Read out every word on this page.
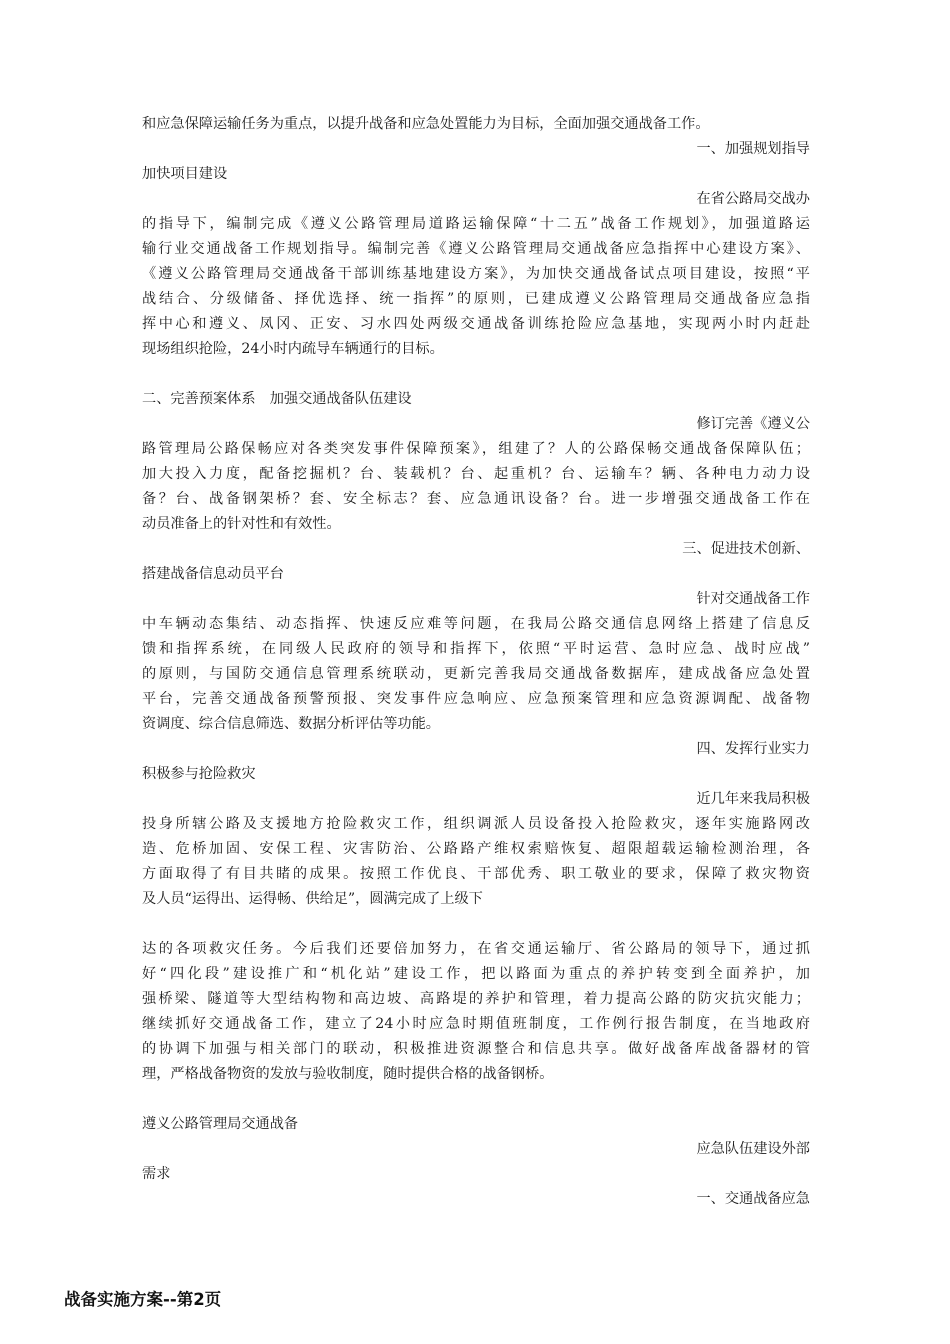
和应急保障运输任务为重点，以提升战备和应急处置能力为目标，全面加强交通战备工作。
一、加强规划指导
加快项目建设
在省公路局交战办
的指导下，编制完成《遵义公路管理局道路运输保障“十二五”战备工作规划》，加强道路运
输行业交通战备工作规划指导。编制完善《遵义公路管理局交通战备应急指挥中心建设方案》、
《遵义公路管理局交通战备干部训练基地建设方案》，为加快交通战备试点项目建设，按照“平
战结合、分级储备、择优选择、统一指挥”的原则，已建成遵义公路管理局交通战备应急指
挥中心和遵义、凤冈、正安、习水四处两级交通战备训练抢险应急基地，实现两小时内赶赴
现场组织抢险，24小时内疏导车辆通行的目标。
二、完善预案体系　加强交通战备队伍建设
修订完善《遵义公
路管理局公路保畅应对各类突发事件保障预案》，组建了？人的公路保畅交通战备保障队伍；
加大投入力度，配备挖掘机？台、装载机？台、起重机？台、运输车？辆、各种电力动力设
备？台、战备钢架桥？套、安全标志？套、应急通讯设备？台。进一步增强交通战备工作在
动员准备上的针对性和有效性。
三、促进技术创新、
搭建战备信息动员平台
针对交通战备工作
中车辆动态集结、动态指挥、快速反应难等问题，在我局公路交通信息网络上搭建了信息反
馈和指挥系统，在同级人民政府的领导和指挥下，依照“平时运营、急时应急、战时应战”
的原则，与国防交通信息管理系统联动，更新完善我局交通战备数据库，建成战备应急处置
平台，完善交通战备预警预报、突发事件应急响应、应急预案管理和应急资源调配、战备物
资调度、综合信息筛选、数据分析评估等功能。
四、发挥行业实力
积极参与抢险救灾
近几年来我局积极
投身所辖公路及支援地方抢险救灾工作，组织调派人员设备投入抢险救灾，逐年实施路网改
造、危桥加固、安保工程、灾害防治、公路路产维权索赔恢复、超限超载运输检测治理，各
方面取得了有目共睹的成果。按照工作优良、干部优秀、职工敬业的要求，保障了救灾物资
及人员“运得出、运得畅、供给足”，圆满完成了上级下
达的各项救灾任务。今后我们还要倍加努力，在省交通运输厅、省公路局的领导下，通过抓
好“四化段”建设推广和“机化站”建设工作，把以路面为重点的养护转变到全面养护，加
强桥梁、隧道等大型结构物和高边坡、高路堤的养护和管理，着力提高公路的防灾抗灾能力；
继续抓好交通战备工作，建立了24小时应急时期值班制度，工作例行报告制度，在当地政府
的协调下加强与相关部门的联动，积极推进资源整合和信息共享。做好战备库战备器材的管
理，严格战备物资的发放与验收制度，随时提供合格的战备钢桥。
遵义公路管理局交通战备
应急队伍建设外部
需求
一、交通战备应急
战备实施方案--第2页
